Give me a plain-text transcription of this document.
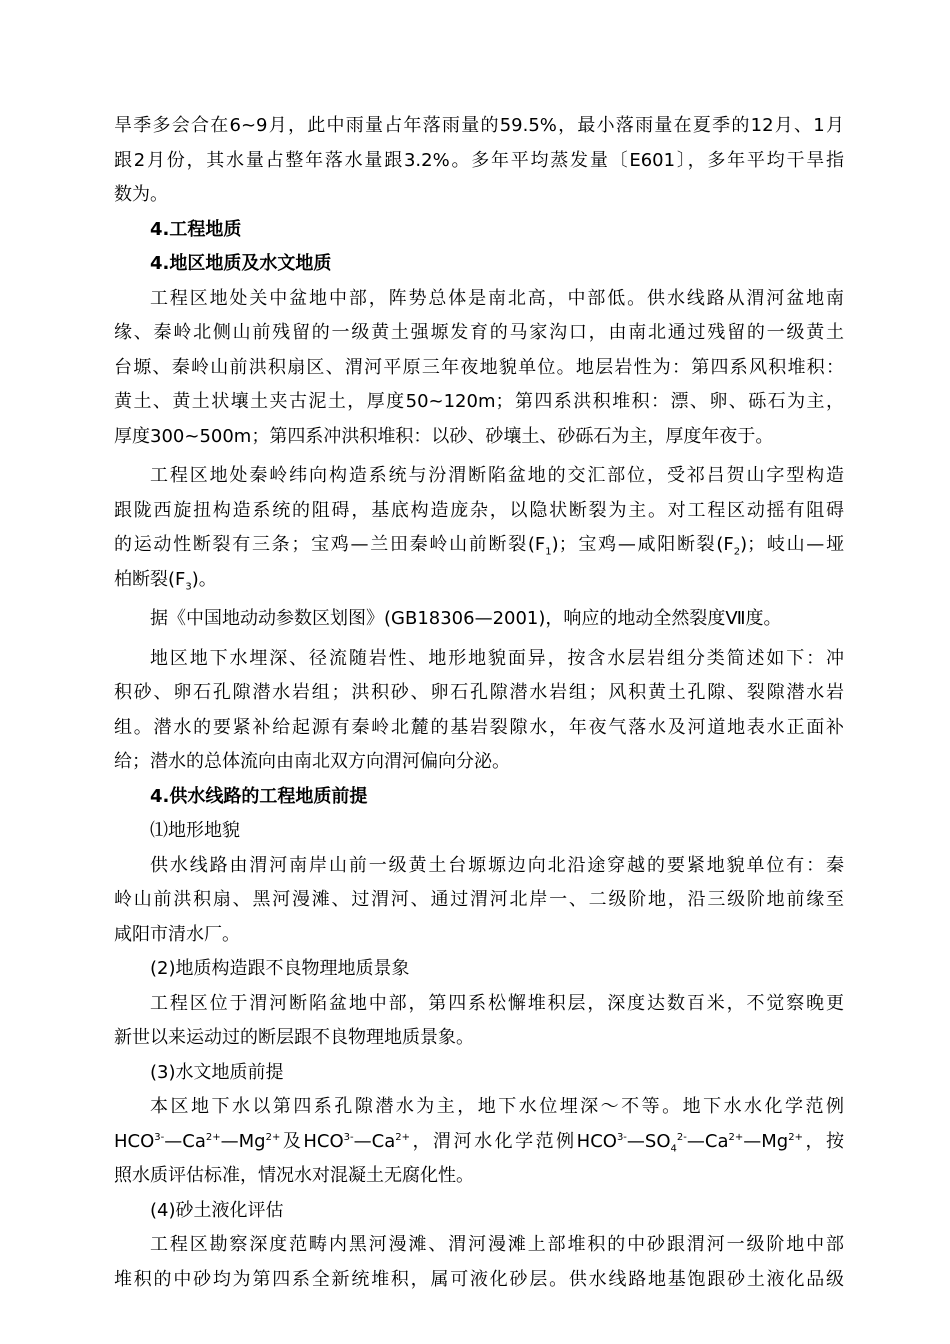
旱季多会合在6~9月，此中雨量占年落雨量的59.5%，最小落雨量在夏季的12月、1月
跟2月份，其水量占整年落水量跟3.2%。多年平均蒸发量〔E601〕，多年平均干旱指
数为。
4.工程地质
4.地区地质及水文地质
工程区地处关中盆地中部，阵势总体是南北高，中部低。供水线路从渭河盆地南
缘、秦岭北侧山前残留的一级黄土强塬发育的马家沟口，由南北通过残留的一级黄土
台塬、秦岭山前洪积扇区、渭河平原三年夜地貌单位。地层岩性为：第四系风积堆积：
黄土、黄土状壤土夹古泥土，厚度50~120m；第四系洪积堆积：漂、卵、砾石为主，
厚度300~500m；第四系冲洪积堆积：以砂、砂壤土、砂砾石为主，厚度年夜于。
工程区地处秦岭纬向构造系统与汾渭断陷盆地的交汇部位，受祁吕贺山字型构造
跟陇西旋扭构造系统的阻碍，基底构造庞杂，以隐状断裂为主。对工程区动摇有阻碍
的运动性断裂有三条；宝鸡—兰田秦岭山前断裂$(F_1)$；宝鸡—咸阳断裂$(F_2)$；岐山—垭
柏断裂$(F_3)$。
据《中国地动动参数区划图》(GB18306—2001)，响应的地动全然裂度Ⅶ度。
地区地下水埋深、径流随岩性、地形地貌面异，按含水层岩组分类简述如下：冲
积砂、卵石孔隙潜水岩组；洪积砂、卵石孔隙潜水岩组；风积黄土孔隙、裂隙潜水岩
组。潜水的要紧补给起源有秦岭北麓的基岩裂隙水，年夜气落水及河道地表水正面补
给；潜水的总体流向由南北双方向渭河偏向分泌。
4.供水线路的工程地质前提
⑴地形地貌
供水线路由渭河南岸山前一级黄土台塬塬边向北沿途穿越的要紧地貌单位有：秦
岭山前洪积扇、黑河漫滩、过渭河、通过渭河北岸一、二级阶地，沿三级阶地前缘至
咸阳市清水厂。
(2)地质构造跟不良物理地质景象
工程区位于渭河断陷盆地中部，第四系松懈堆积层，深度达数百米，不觉察晚更
新世以来运动过的断层跟不良物理地质景象。
(3)水文地质前提
本区地下水以第四系孔隙潜水为主，地下水位埋深～不等。地下水水化学范例
$HCO^{3-}—Ca^{2+}—Mg^{2+}$及$HCO^{3-}—Ca^{2+}$，渭河水化学范例$HCO^{3-}—SO_4^{2-}—Ca^{2+}—Mg^{2+}$，按
照水质评估标准，情况水对混凝土无腐化性。
(4)砂土液化评估
工程区勘察深度范畴内黑河漫滩、渭河漫滩上部堆积的中砂跟渭河一级阶地中部
堆积的中砂均为第四系全新统堆积，属可液化砂层。供水线路地基饱跟砂土液化品级
